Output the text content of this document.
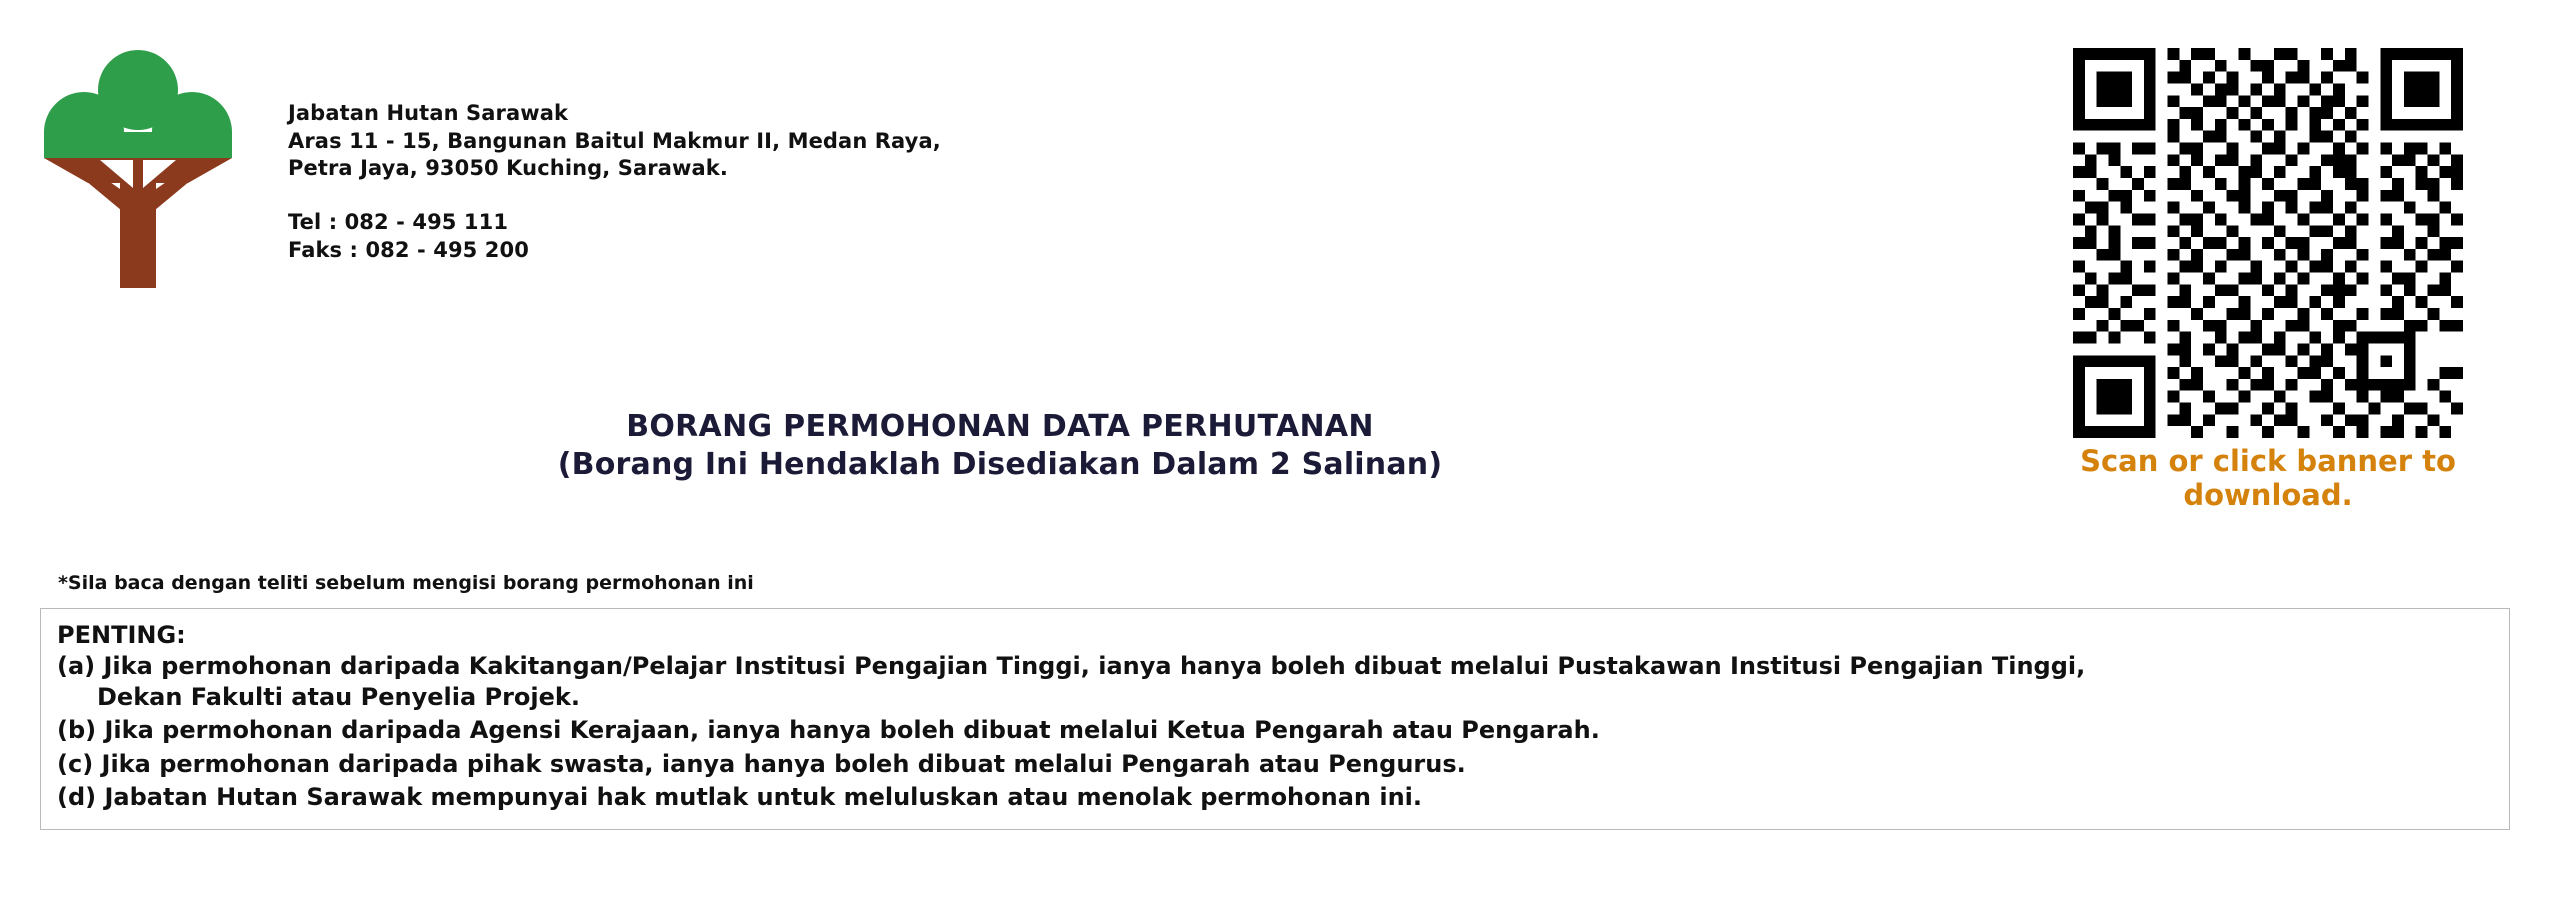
Jabatan Hutan Sarawak
Aras 11 - 15, Bangunan Baitul Makmur II, Medan Raya,
Petra Jaya, 93050 Kuching, Sarawak.
Tel : 082 - 495 111
Faks : 082 - 495 200
Scan or click banner to
download.
BORANG PERMOHONAN DATA PERHUTANAN
(Borang Ini Hendaklah Disediakan Dalam 2 Salinan)
*Sila baca dengan teliti sebelum mengisi borang permohonan ini
PENTING:
(a) Jika permohonan daripada Kakitangan/Pelajar Institusi Pengajian Tinggi, ianya hanya boleh dibuat melalui Pustakawan Institusi Pengajian Tinggi,
Dekan Fakulti atau Penyelia Projek.
(b) Jika permohonan daripada Agensi Kerajaan, ianya hanya boleh dibuat melalui Ketua Pengarah atau Pengarah.
(c) Jika permohonan daripada pihak swasta, ianya hanya boleh dibuat melalui Pengarah atau Pengurus.
(d) Jabatan Hutan Sarawak mempunyai hak mutlak untuk meluluskan atau menolak permohonan ini.
